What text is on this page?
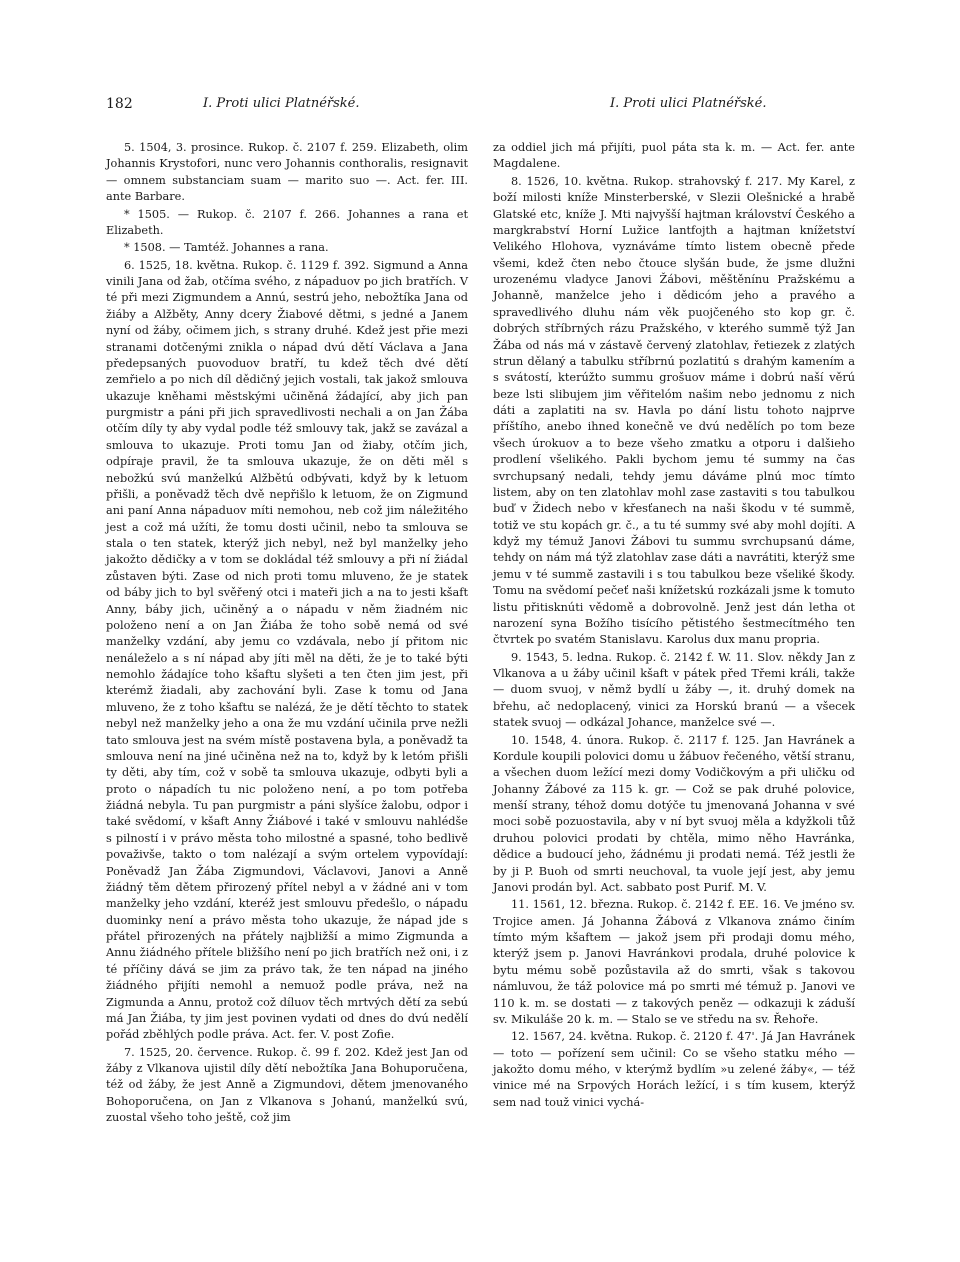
182	I. Proti ulici Platnéřské.	I. Proti ulici Platnéřské.

5. 1504, 3. prosince. Rukop. č. 2107 f. 259. Elizabeth, olim Johannis Krystofori, nunc vero Johannis conthoralis, resignavit — omnem substanciam suam — marito suo —. Act. fer. III. ante Barbare.

* 1505. — Rukop. č. 2107 f. 266. Johannes a rana et Elizabeth.

* 1508. — Tamtéž. Johannes a rana.

6. 1525, 18. května. Rukop. č. 1129 f. 392. Sigmund a Anna vinili Jana od žab, otčíma svého, z nápaduov po jich bratřích. V té při mezi Zigmundem a Annú, sestrú jeho, nebožtíka Jana od žiáby a Alžběty, Anny dcery Žiabové dětmi, s jedné a Janem nyní od žáby, očimem jich, s strany druhé. Kdež jest přie mezi stranami dotčenými znikla o nápad dvú dětí Václava a Jana předepsaných puovoduov bratří, tu kdež těch dvé dětí zemřielo a po nich díl dědičný jejich vostali, tak jakož smlouva ukazuje kněhami městskými učiněná žádající, aby jich pan purgmistr a páni při jich spravedlivosti nechali a on Jan Žába otčím díly ty aby vydal podle též smlouvy tak, jakž se zavázal a smlouva to ukazuje. Proti tomu Jan od žiaby, otčím jich, odpíraje pravil, že ta smlouva ukazuje, že on děti měl s nebožkú svú manželkú Alžbětú odbývati, když by k letuom přišli, a poněvadž těch dvě nepřišlo k letuom, že on Zigmund ani paní Anna nápaduov míti nemohou, neb což jim náležitého jest a což má užíti, že tomu dosti učinil, nebo ta smlouva se stala o ten statek, kterýž jich nebyl, než byl manželky jeho jakožto dědičky a v tom se dokládal též smlouvy a při ní žiádal zůstaven býti. Zase od nich proti tomu mluveno, že je statek od báby jich to byl svěřený otci i mateři jich a na to jesti kšaft Anny, báby jich, učiněný a o nápadu v něm žiadném nic položeno není a on Jan Žiába že toho sobě nemá od své manželky vzdání, aby jemu co vzdávala, nebo jí přitom nic nenáleželo a s ní nápad aby jíti měl na děti, že je to také býti nemohlo žádajíce toho kšaftu slyšeti a ten čten jim jest, při kterémž žiadali, aby zachování byli. Zase k tomu od Jana mluveno, že z toho kšaftu se nalézá, že je dětí těchto to statek nebyl než manželky jeho a ona že mu vzdání učinila prve nežli tato smlouva jest na svém místě postavena byla, a poněvadž ta smlouva není na jiné učiněna než na to, když by k letóm přišli ty děti, aby tím, což v sobě ta smlouva ukazuje, odbyti byli a proto o nápadích tu nic položeno není, a po tom potřeba žiádná nebyla. Tu pan purgmistr a páni slyšíce žalobu, odpor i také svědomí, v kšaft Anny Žiábové i také v smlouvu nahlédše s pilností i v právo města toho milostné a spasné, toho bedlivě považivše, takto o tom nalézají a svým ortelem vypovídají: Poněvadž Jan Žába Zigmundovi, Václavovi, Janovi a Anně žiádný těm dětem přirozený přítel nebyl a v žádné ani v tom manželky jeho vzdání, kteréž jest smlouvu předešlo, o nápadu duominky není a právo města toho ukazuje, že nápad jde s přátel přirozených na přátely najbližší a mimo Zigmunda a Annu žiádného přítele bližšího není po jich bratřích než oni, i z té příčiny dává se jim za právo tak, že ten nápad na jiného žiádného přijíti nemohl a nemuož podle práva, než na Zigmunda a Annu, protož což díluov těch mrtvých dětí za sebú má Jan Žiába, ty jim jest povinen vydati od dnes do dvú nedělí pořád zběhlých podle práva. Act. fer. V. post Zofie.

7. 1525, 20. července. Rukop. č. 99 f. 202. Kdež jest Jan od žáby z Vlkanova ujistil díly dětí nebožtíka Jana Bohuporučena, též od žáby, že jest Anně a Zigmundovi, dětem jmenovaného Bohoporučena, on Jan z Vlkanova s Johanú, manželkú svú, zuostal všeho toho ještě, což jim

za oddiel jich má přijíti, puol páta sta k. m. — Act. fer. ante Magdalene.

8. 1526, 10. května. Rukop. strahovský f. 217. My Karel, z boží milosti kníže Minsterberské, v Slezii Olešnické a hrabě Glatské etc, kníže J. Mti najvyšší hajtman království Českého a margkrabství Horní Lužice lantfojth a hajtman knížetství Velikého Hlohova, vyznáváme tímto listem obecně přede všemi, kdež čten nebo čtouce slyšán bude, že jsme dlužni urozenému vladyce Janovi Žábovi, měštěnínu Pražskému a Johanně, manželce jeho i dědicóm jeho a pravého a spravedlivého dluhu nám věk puojčeného sto kop gr. č. dobrých stříbrných rázu Pražského, v kterého summě týž Jan Žába od nás má v zástavě červený zlatohlav, řetiezek z zlatých strun dělaný a tabulku stříbrnú pozlatitú s drahým kamením a s svátostí, kterúžto summu grošuov máme i dobrú naší věrú beze lsti slibujem jim věřitelóm našim nebo jednomu z nich dáti a zaplatiti na sv. Havla po dání listu tohoto najprve příštího, anebo ihned konečně ve dvú nedělích po tom beze všech úrokuov a to beze všeho zmatku a otporu i dalšieho prodlení všelikého. Pakli bychom jemu té summy na čas svrchupsaný nedali, tehdy jemu dáváme plnú moc tímto listem, aby on ten zlatohlav mohl zase zastaviti s tou tabulkou buď v Židech nebo v křesťanech na naši škodu v té summě, totiž ve stu kopách gr. č., a tu té summy své aby mohl dojíti. A když my témuž Janovi Žábovi tu summu svrchupsanú dáme, tehdy on nám má týž zlatohlav zase dáti a navrátiti, kterýž sme jemu v té summě zastavili i s tou tabulkou beze všeliké škody. Tomu na svědomí pečeť naši knížetskú rozkázali jsme k tomuto listu přitisknúti vědomě a dobrovolně. Jenž jest dán letha ot narození syna Božího tisícího pětistého šestmecítmého ten čtvrtek po svatém Stanislavu. Karolus dux manu propria.

9. 1543, 5. ledna. Rukop. č. 2142 f. W. 11. Slov. někdy Jan z Vlkanova a u žáby učinil kšaft v pátek před Třemi králi, takže — duom svuoj, v němž bydlí u žáby —, it. druhý domek na břehu, ač nedoplacený, vinici za Horskú branú — a všecek statek svuoj — odkázal Johance, manželce své —.

10. 1548, 4. února. Rukop. č. 2117 f. 125. Jan Havránek a Kordule koupili polovici domu u žábuov řečeného, větší stranu, a všechen duom ležící mezi domy Vodičkovým a při uličku od Johanny Žábové za 115 k. gr. — Což se pak druhé polovice, menší strany, téhož domu dotýče tu jmenovaná Johanna v své moci sobě pozuostavila, aby v ní byt svuoj měla a kdyžkoli tůž druhou polovici prodati by chtěla, mimo něho Havránka, dědice a budoucí jeho, žádnému ji prodati nemá. Též jestli že by ji P. Buoh od smrti neuchoval, ta vuole její jest, aby jemu Janovi prodán byl. Act. sabbato post Purif. M. V.

11. 1561, 12. března. Rukop. č. 2142 f. EE. 16. Ve jméno sv. Trojice amen. Já Johanna Žábová z Vlkanova známo činím tímto mým kšaftem — jakož jsem při prodaji domu mého, kterýž jsem p. Janovi Havránkovi prodala, druhé polovice k bytu mému sobě pozůstavila až do smrti, však s takovou námluvou, že táž polovice má po smrti mé témuž p. Janovi ve 110 k. m. se dostati — z takových peněz — odkazuji k záduší sv. Mikuláše 20 k. m. — Stalo se ve středu na sv. Řehoře.

12. 1567, 24. května. Rukop. č. 2120 f. 47'. Já Jan Havránek — toto — pořízení sem učinil: Co se všeho statku mého — jakožto domu mého, v kterýmž bydlím »u zelené žáby«, — též vinice mé na Srpových Horách ležící, i s tím kusem, kterýž sem nad touž vinici vychá-
